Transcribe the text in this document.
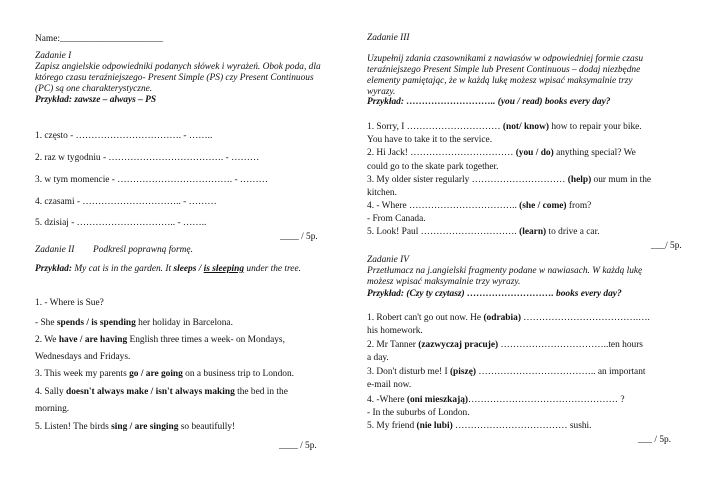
Name:______________________
Zadanie I
Zapisz angielskie odpowiedniki podanych słówek i wyrażeń. Obok poda, dla
którego czasu teraźniejszego- Present Simple (PS) czy Present Continuous
(PC) są one charakterystyczne.
Przykład: zawsze – always – PS
1. często - ……………………………. - ……..
2. raz w tygodniu - ………………………………. - ………
3. w tym momencie - ………………………………. - ………
4. czasami - ………………………….. - ………
5. dzisiaj - ………………………….. - ……..
____ / 5p.
Zadanie II Podkreśl poprawną formę.
Przykład: My cat is in the garden. It sleeps / is sleeping under the tree.
1. - Where is Sue?
- She spends / is spending her holiday in Barcelona.
2. We have / are having English three times a week- on Mondays,
Wednesdays and Fridays.
3. This week my parents go / are going on a business trip to London.
4. Sally doesn't always make / isn't always making the bed in the
morning.
5. Listen! The birds sing / are singing so beautifully!
____ / 5p.
Zadanie III
Uzupełnij zdania czasownikami z nawiasów w odpowiedniej formie czasu
teraźniejszego Present Simple lub Present Continuous – dodaj niezbędne
elementy pamiętając, że w każdą lukę możesz wpisać maksymalnie trzy
wyrazy.
Przykład: ……………………….. (you / read) books every day?
1. Sorry, I ………………………… (not/ know) how to repair your bike.
You have to take it to the service.
2. Hi Jack! …………………………… (you / do) anything special? We
could go to the skate park together.
3. My older sister regularly ………………………… (help) our mum in the
kitchen.
4. - Where …………………………….. (she / come) from?
- From Canada.
5. Look! Paul …………………………. (learn) to drive a car.
___/ 5p.
Zadanie IV
Przetłumacz na j.angielski fragmenty podane w nawiasach. W każdą lukę
możesz wpisać maksymalnie trzy wyrazy.
Przykład: (Czy ty czytasz) ………………………. books every day?
1. Robert can't go out now. He (odrabia) ……………………………….….
his homework.
2. Mr Tanner (zazwyczaj pracuje) ……………………………..ten hours
a day.
3. Don't disturb me! I (piszę) ……………………………….. an important
e-mail now.
4. -Where (oni mieszkają)………………………………………… ?
- In the suburbs of London.
5. My friend (nie lubi) ……………………………… sushi.
___ / 5p.
